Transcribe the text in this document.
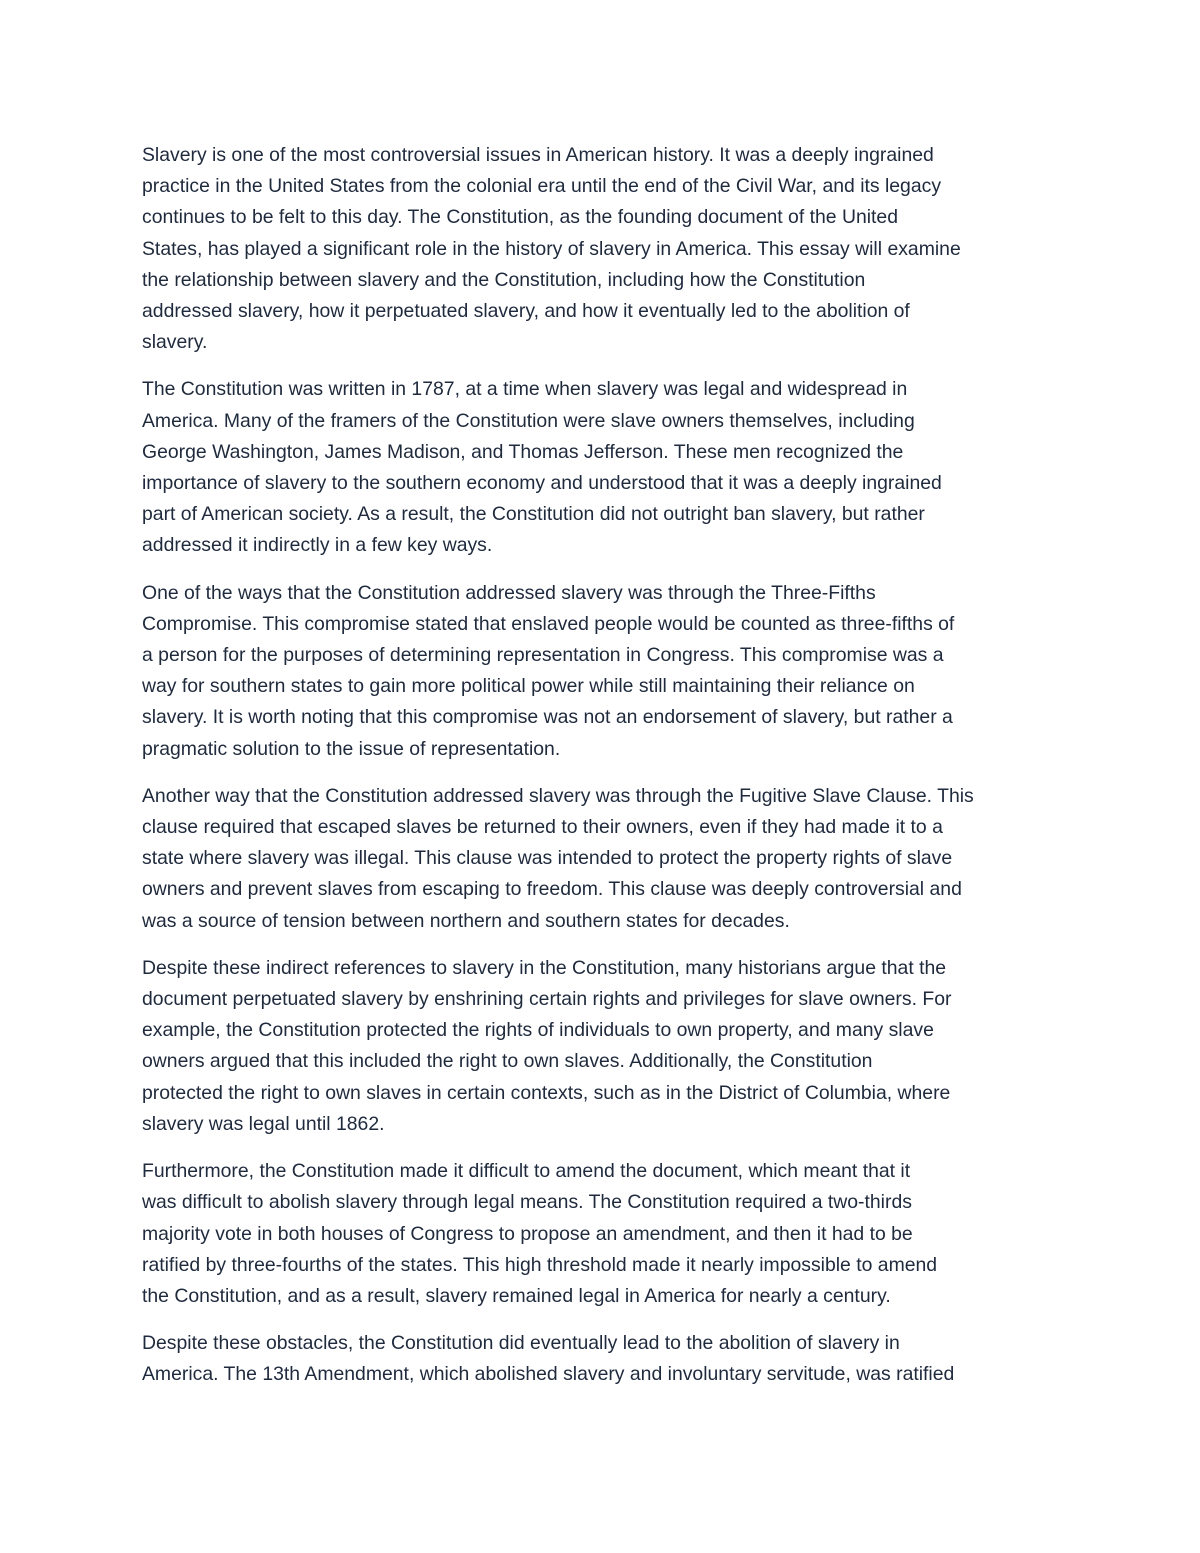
Slavery is one of the most controversial issues in American history. It was a deeply ingrained
practice in the United States from the colonial era until the end of the Civil War, and its legacy
continues to be felt to this day. The Constitution, as the founding document of the United
States, has played a significant role in the history of slavery in America. This essay will examine
the relationship between slavery and the Constitution, including how the Constitution
addressed slavery, how it perpetuated slavery, and how it eventually led to the abolition of
slavery.

The Constitution was written in 1787, at a time when slavery was legal and widespread in
America. Many of the framers of the Constitution were slave owners themselves, including
George Washington, James Madison, and Thomas Jefferson. These men recognized the
importance of slavery to the southern economy and understood that it was a deeply ingrained
part of American society. As a result, the Constitution did not outright ban slavery, but rather
addressed it indirectly in a few key ways.

One of the ways that the Constitution addressed slavery was through the Three-Fifths
Compromise. This compromise stated that enslaved people would be counted as three-fifths of
a person for the purposes of determining representation in Congress. This compromise was a
way for southern states to gain more political power while still maintaining their reliance on
slavery. It is worth noting that this compromise was not an endorsement of slavery, but rather a
pragmatic solution to the issue of representation.

Another way that the Constitution addressed slavery was through the Fugitive Slave Clause. This
clause required that escaped slaves be returned to their owners, even if they had made it to a
state where slavery was illegal. This clause was intended to protect the property rights of slave
owners and prevent slaves from escaping to freedom. This clause was deeply controversial and
was a source of tension between northern and southern states for decades.

Despite these indirect references to slavery in the Constitution, many historians argue that the
document perpetuated slavery by enshrining certain rights and privileges for slave owners. For
example, the Constitution protected the rights of individuals to own property, and many slave
owners argued that this included the right to own slaves. Additionally, the Constitution
protected the right to own slaves in certain contexts, such as in the District of Columbia, where
slavery was legal until 1862.

Furthermore, the Constitution made it difficult to amend the document, which meant that it
was difficult to abolish slavery through legal means. The Constitution required a two-thirds
majority vote in both houses of Congress to propose an amendment, and then it had to be
ratified by three-fourths of the states. This high threshold made it nearly impossible to amend
the Constitution, and as a result, slavery remained legal in America for nearly a century.

Despite these obstacles, the Constitution did eventually lead to the abolition of slavery in
America. The 13th Amendment, which abolished slavery and involuntary servitude, was ratified
